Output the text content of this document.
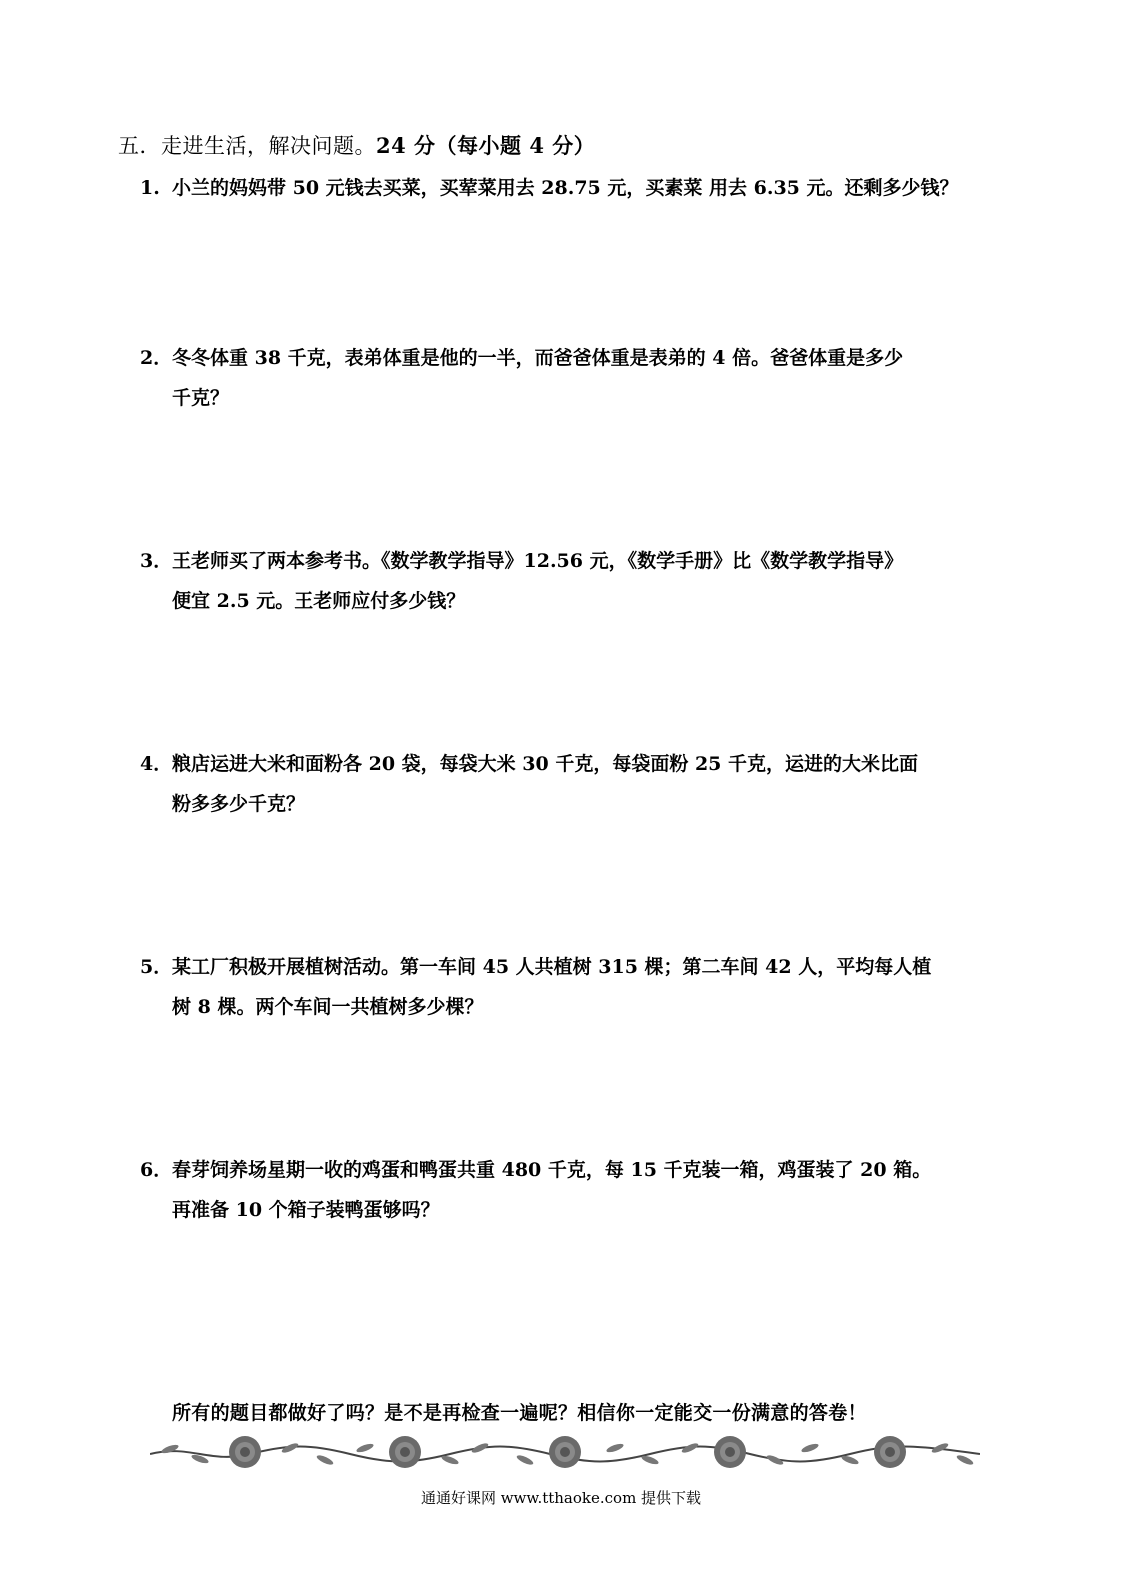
五．走进生活，解决问题。24 分（每小题 4 分）
1. 小兰的妈妈带 50 元钱去买菜，买荤菜用去 28.75 元，买素菜 用去 6.35 元。还剩多少钱？
2．冬冬体重 38 千克，表弟体重是他的一半，而爸爸体重是表弟的 4 倍。爸爸体重是多少
千克？
3．王老师买了两本参考书。《数学教学指导》12.56 元，《数学手册》比《数学教学指导》
便宜 2.5 元。王老师应付多少钱？
4．粮店运进大米和面粉各 20 袋，每袋大米 30 千克，每袋面粉 25 千克，运进的大米比面
粉多多少千克？
5．某工厂积极开展植树活动。第一车间 45 人共植树 315 棵；第二车间 42 人，平均每人植
树 8 棵。两个车间一共植树多少棵？
6．春芽饲养场星期一收的鸡蛋和鸭蛋共重 480 千克，每 15 千克装一箱，鸡蛋装了 20 箱。
再准备 10 个箱子装鸭蛋够吗？
所有的题目都做好了吗？是不是再检查一遍呢？相信你一定能交一份满意的答卷！
通通好课网 www.tthaoke.com 提供下载
